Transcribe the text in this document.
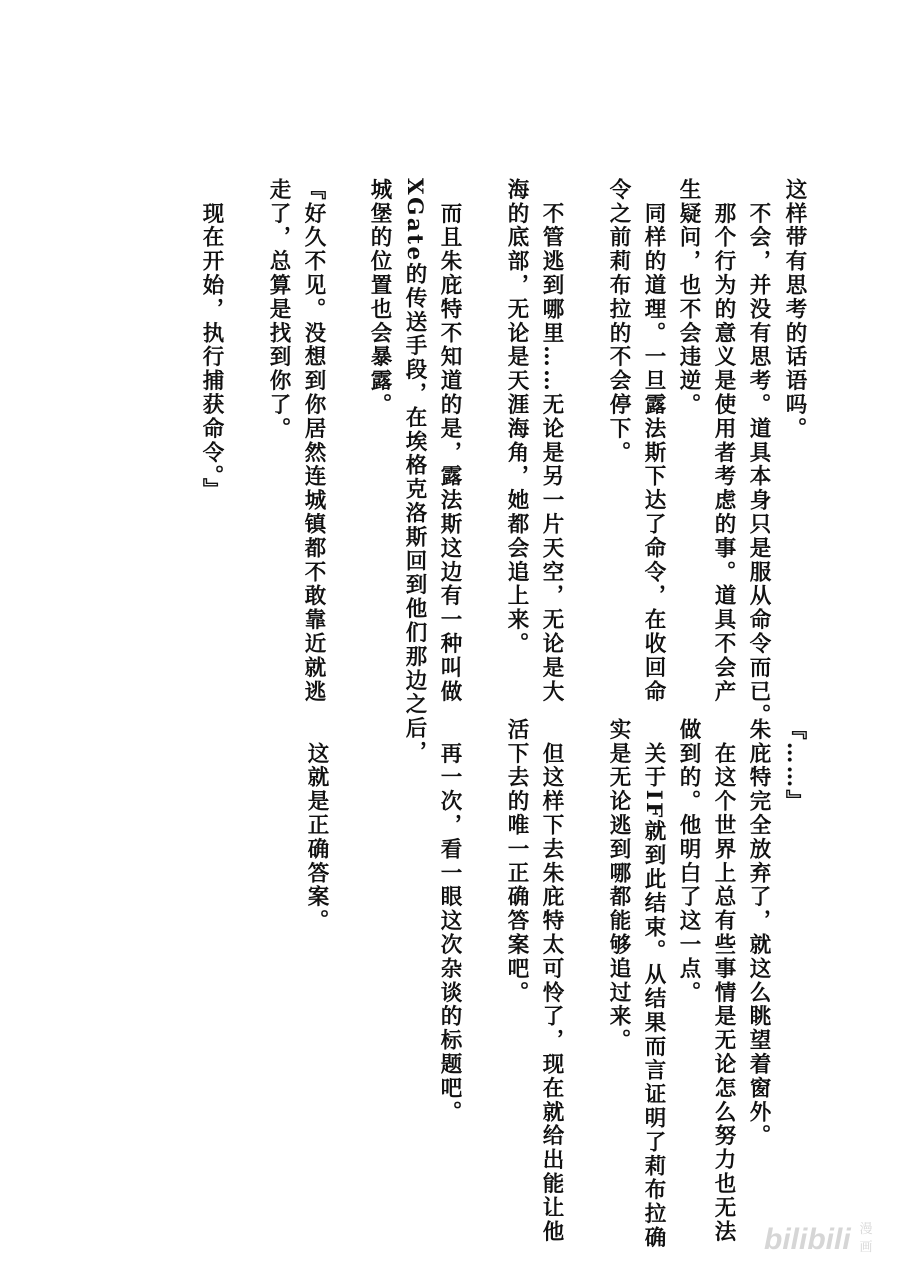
这样带有思考的话语吗。
　不会，并没有思考。道具本身只是服从命令而已。
　那个行为的意义是使用者考虑的事。道具不会产
生疑问，也不会违逆。
　同样的道理。一旦露法斯下达了命令，在收回命
令之前莉布拉的不会停下。
　不管逃到哪里……无论是另一片天空，无论是大
海的底部，无论是天涯海角，她都会追上来。
　而且朱庇特不知道的是，露法斯这边有一种叫做
XGate的传送手段，在埃格克洛斯回到他们那边之后，
城堡的位置也会暴露。
『好久不见。没想到你居然连城镇都不敢靠近就逃
走了，总算是找到你了。
　现在开始，执行捕获命令。』
『……』
朱庇特完全放弃了，就这么眺望着窗外。
　在这个世界上总有些事情是无论怎么努力也无法
做到的。他明白了这一点。
　关于IF就到此结束。从结果而言证明了莉布拉确
实是无论逃到哪都能够追过来。
　但这样下去朱庇特太可怜了，现在就给出能让他
活下去的唯一正确答案吧。
　再一次，看一眼这次杂谈的标题吧。
　这就是正确答案。
bilibili 漫
画
